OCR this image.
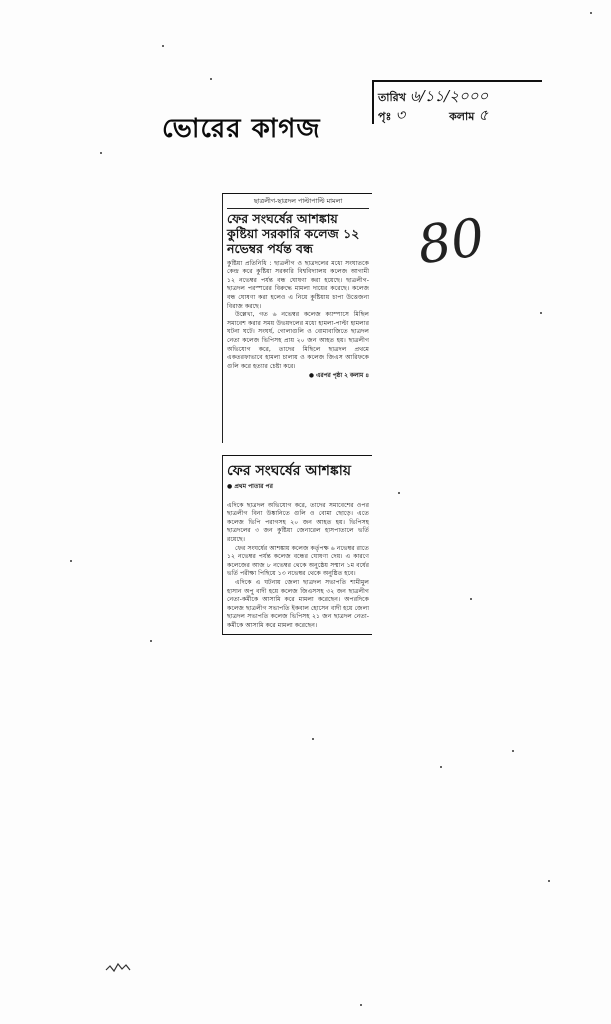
ভোরের কাগজ
তারিখ ৬/১১/২০০০
পৃঃ ৩	কলাম ৫
80
ছাত্রলীগ-ছাত্রদল পাল্টাপাল্টি মামলা
ফের সংঘর্ষের আশঙ্কায় কুষ্টিয়া সরকারি কলেজ ১২ নভেম্বর পর্যন্ত বন্ধ

কুষ্টিয়া প্রতিনিধি : ছাত্রলীগ ও ছাত্রদলের মধ্যে সংঘাতকে কেন্দ্র করে কুষ্টিয়া সরকারি বিশ্ববিদ্যালয় কলেজ আগামী ১২ নভেম্বর পর্যন্ত বন্ধ ঘোষণা করা হয়েছে। ছাত্রলীগ-ছাত্রদল পরস্পরের বিরুদ্ধে মামলা দায়ের করেছে। কলেজ বন্ধ ঘোষণা করা হলেও এ নিয়ে কুষ্টিয়ায় চাপা উত্তেজনা বিরাজ করছে।

উল্লেখ্য, গত ৬ নভেম্বর কলেজ ক্যাম্পাসে মিছিল সমাবেশ করার সময় উভয়দলের মধ্যে হামলা-পাল্টা হামলার ঘটনা ঘটে। সংঘর্ষ, গোলাগুলি ও বোমাবাজিতে ছাত্রদল নেতা কলেজ ভিপিসহ প্রায় ২০ জন আহত হয়। ছাত্রলীগ অভিযোগ করে, তাদের মিছিলে ছাত্রদল প্রথমে একতরফাভাবে হামলা চালায় ও কলেজ জিএস আরিফকে গুলি করে হত্যার চেষ্টা করে।

● এরপর পৃষ্ঠা ২ কলাম ৪
ফের সংঘর্ষের আশঙ্কায়
● প্রথম পাতার পর

এদিকে ছাত্রদল অভিযোগ করে, তাদের সমাবেশের ওপর ছাত্রলীগ বিনা উষ্কানিতে গুলি ও বোমা ছোড়ে। এতে কলেজ ভিপি পরাগসহ ২০ জন আহত হয়। ভিপিসহ ছাত্রদলের ৩ জন কুষ্টিয়া জেনারেল হাসপাতালে ভর্তি রয়েছে।

ফের সংঘর্ষের আশঙ্কায় কলেজ কর্তৃপক্ষ ৬ নভেম্বর রাতে ১২ নভেম্বর পর্যন্ত কলেজ বন্ধের ঘোষণা দেয়। এ কারণে কলেজের আজ ৮ নভেম্বর থেকে অনুষ্ঠেয় সম্মান ১ম বর্ষের ভর্তি পরীক্ষা পিছিয়ে ১৩ নভেম্বর থেকে অনুষ্ঠিত হবে।

এদিকে এ ঘটনায় জেলা ছাত্রদল সভাপতি শামীমুল হাসান অপু বাদী হয়ে কলেজ জিএসসহ ৩২ জন ছাত্রলীগ নেতা-কর্মীকে আসামি করে মামলা করেছেন। অপরদিকে কলেজ ছাত্রলীগ সভাপতি ইকবাল হোসেন বাদী হয়ে জেলা ছাত্রদল সভাপতি কলেজ ভিপিসহ ২১ জন ছাত্রদল নেতা-কর্মীকে আসামি করে মামলা করেছেন।
